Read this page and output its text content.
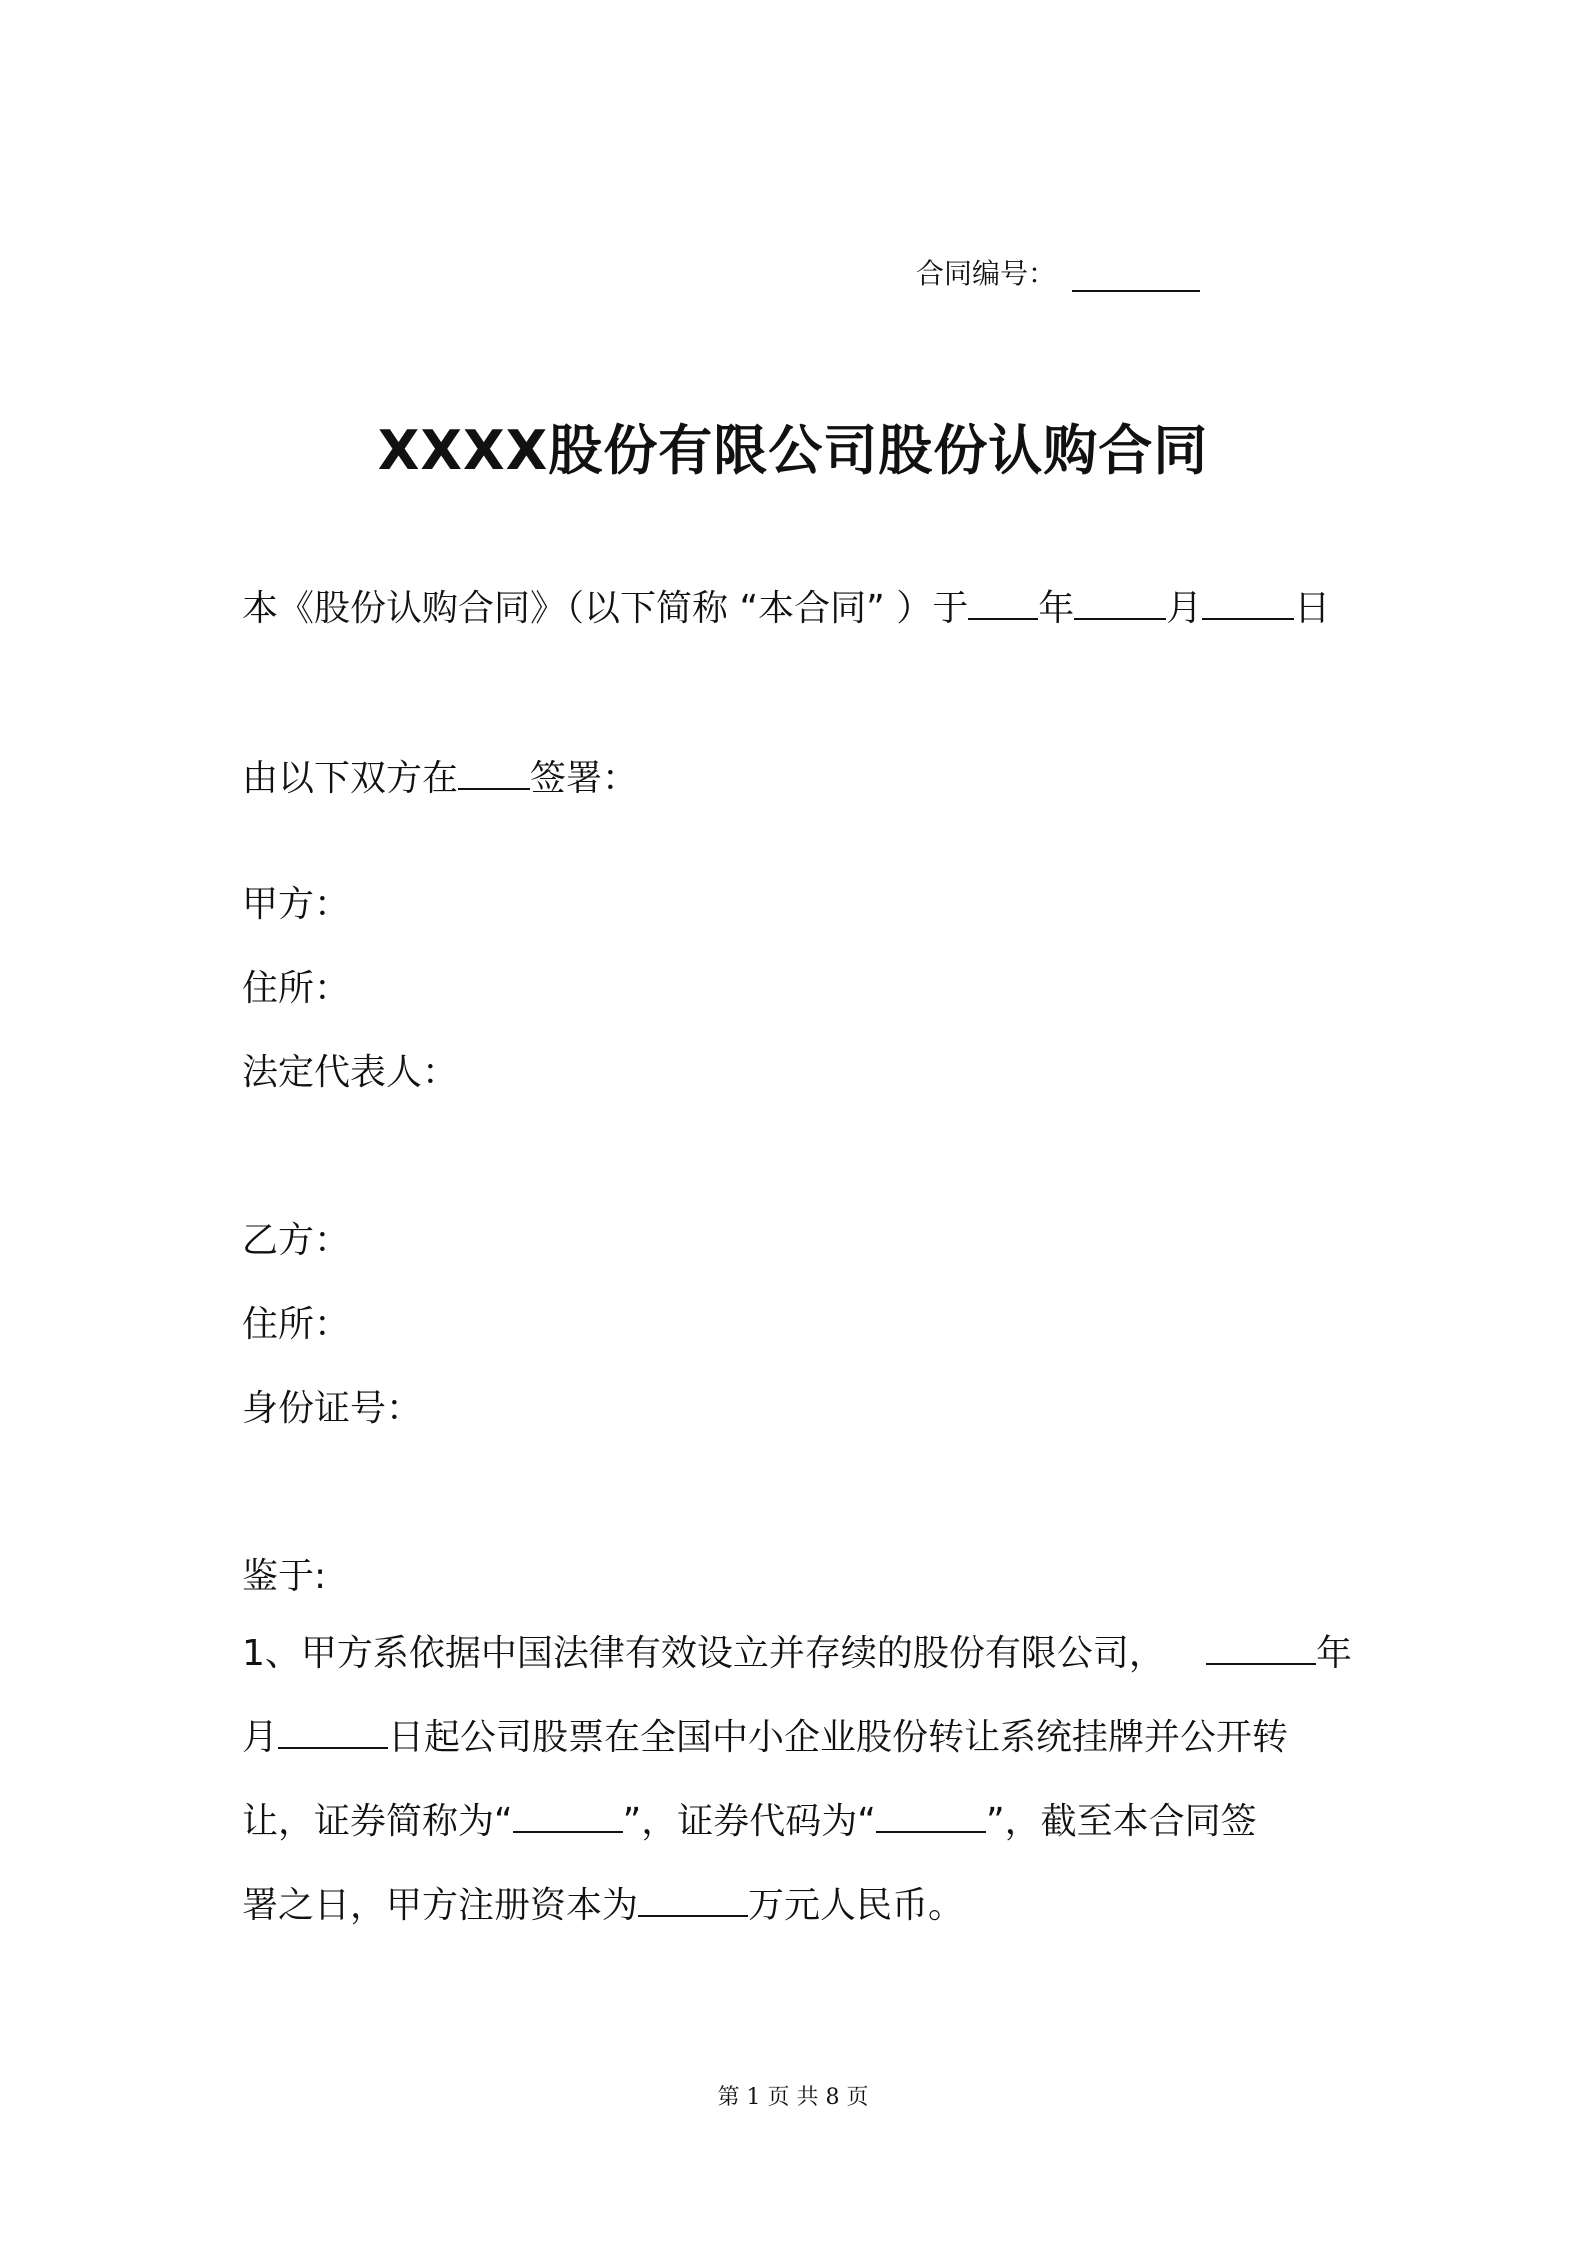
合同编号：
XXXX股份有限公司股份认购合同
本《股份认购合同》（以下简称 “本合同” ）于 年	月	日
由以下双方在 签署：
甲方：
住所：
法定代表人：
乙方：
住所：
身份证号：
鉴于:
1、甲方系依据中国法律有效设立并存续的股份有限公司，	年
月	日起公司股票在全国中小企业股份转让系统挂牌并公开转
让，证券简称为“	”，证券代码为“	”，截至本合同签
署之日，甲方注册资本为	万元人民币。
第 1 页 共 8 页
